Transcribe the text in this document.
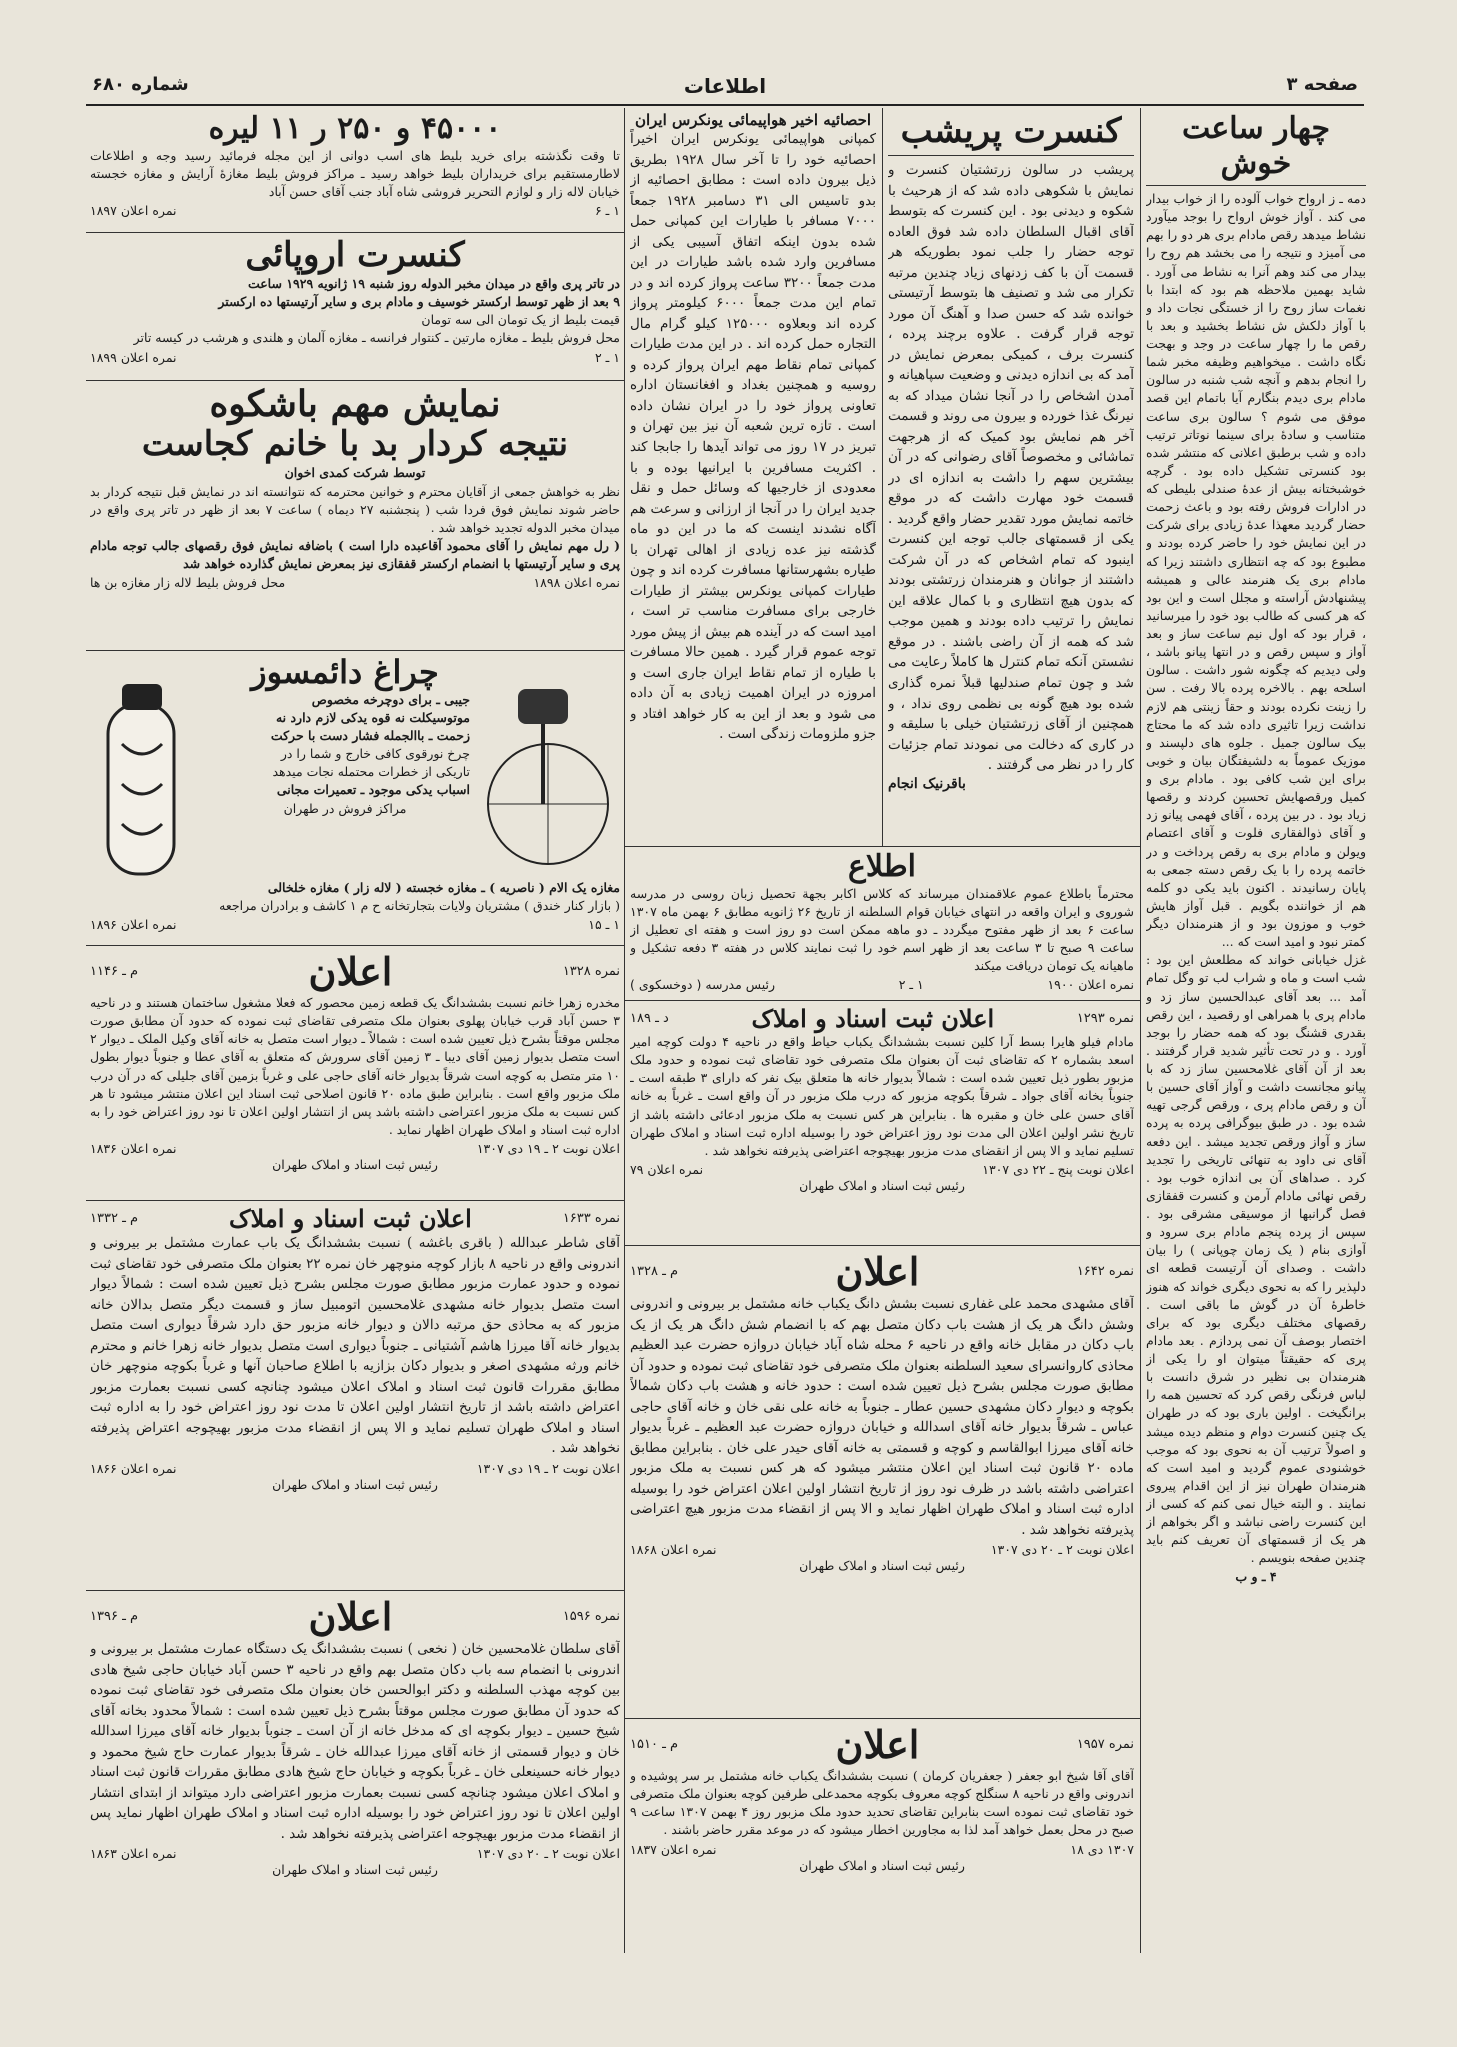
صفحه ۳
اطلاعات
شماره ۶۸۰
چهار ساعت خوش
دمه ـ ز ارواح خواب آلوده را از خواب بیدار می کند . آواز خوش ارواح را بوجد میآورد نشاط میدهد رقص مادام بری هر دو را بهم می آمیزد و نتیجه را می بخشد هم روح را بیدار می کند وهم آنرا به نشاط می آورد . شاید بهمین ملاحظه هم بود که ابتدا با نغمات ساز روح را از خستگی نجات داد و با آواز دلکش ش نشاط بخشید و بعد با رقص ما را چهار ساعت در وجد و بهجت نگاه داشت . میخواهیم وظیفه مخبر شما را انجام بدهم و آنچه شب شنبه در سالون مادام بری دیدم بنگارم آیا باتمام این قصد موفق می شوم ؟ سالون بری ساعت متناسب و سادهٔ برای سینما نوتاتر ترتیب داده و شب برطبق اعلانی که منتشر شده بود کنسرتی تشکیل داده بود . گرچه خوشبختانه بیش از عدهٔ صندلی بلیطی که در ادارات فروش رفته بود و باعث زحمت حضار گردید معهذا عدهٔ زیادی برای شرکت در این نمایش خود را حاضر کرده بودند و مطبوع بود که چه انتظاری داشتند زیرا که مادام بری یک هنرمند عالی و همیشه پیشنهادش آراسته و مجلل است و این بود که هر کسی که طالب بود خود را میرسانید ، قرار بود که اول نیم ساعت ساز و بعد آواز و سپس رقص و در انتها پیانو باشد ، ولی دیدیم که چگونه شور داشت . سالون اسلحه بهم . بالاخره پرده بالا رفت . سن را زینت نکرده بودند و حقاً زینتی هم لازم نداشت زیرا تاثیری داده شد که ما محتاج بیک سالون جمیل . جلوه های دلپسند و موزیک عموماً به دلشیفتگان بیان و خوبی برای این شب کافی بود . مادام بری و کمیل ورقصهایش تحسین کردند و رقصها زیاد بود . در بین پرده ، آقای فهمی پیانو زد و آقای ذوالفقاری فلوت و آقای اعتصام ویولن و مادام بری به رقص پرداخت و در خاتمه پرده را با یک رقص دسته جمعی به پایان رسانیدند . اکنون باید یکی دو کلمه هم از خواننده بگویم . قبل آواز هایش خوب و موزون بود و از هنرمندان دیگر کمتر نبود و امید است که ...
غزل خیابانی خواند که مطلعش این بود : شب است و ماه و شراب لب تو وگل تمام آمد ... بعد آقای عبدالحسین ساز زد و مادام پری با همراهی او رقصید ، این رقص بقدری قشنگ بود که همه حضار را بوجد آورد . و در تحت تأثیر شدید قرار گرفتند . بعد از آن آقای غلامحسین ساز زد که با پیانو مجانست داشت و آواز آقای حسین با آن و رقص مادام پری ، ورقص گرجی تهیه شده بود . در طبق بیوگرافی پرده به پرده ساز و آواز ورقص تجدید میشد . این دفعه آقای نی داود به تنهائی تاریخی را تجدید کرد . صداهای آن بی اندازه خوب بود . رقص نهائی مادام آرمن و کنسرت قفقازی فصل گرانبها از موسیقی مشرقی بود . سپس از پرده پنجم مادام بری سرود و آوازی بنام ( یک زمان چوپانی ) را بیان داشت . وصدای آن آرتیست قطعه ای دلپذیر را که به نحوی دیگری خواند که هنوز خاطرهٔ آن در گوش ما باقی است . رقصهای مختلف دیگری بود که برای اختصار بوصف آن نمی پردازم . بعد مادام پری که حقیقتاً میتوان او را یکی از هنرمندان بی نظیر در شرق دانست با لباس فرنگی رقص کرد که تحسین همه را برانگیخت . اولین باری بود که در طهران یک چنین کنسرت دوام و منظم دیده میشد و اصولاً ترتیب آن به نحوی بود که موجب خوشنودی عموم گردید و امید است که هنرمندان طهران نیز از این اقدام پیروی نمایند . و البته خیال نمی کنم که کسی از این کنسرت راضی نباشد و اگر بخواهم از هر یک از قسمتهای آن تعریف کنم باید چندین صفحه بنویسم .
۴ ـ و ب
کنسرت پریشب
پریشب در سالون زرتشتیان کنسرت و نمایش با شکوهی داده شد که از هرحیث با شکوه و دیدنی بود . این کنسرت که بتوسط آقای اقبال السلطان داده شد فوق العاده توجه حضار را جلب نمود بطوریکه هر قسمت آن با کف زدنهای زیاد چندین مرتبه تکرار می شد و تصنیف ها بتوسط آرتیستی خوانده شد که حسن صدا و آهنگ آن مورد توجه قرار گرفت . علاوه برچند پرده ، کنسرت برف ، کمیکی بمعرض نمایش در آمد که بی اندازه دیدنی و وضعیت سپاهیانه و آمدن اشخاص را در آنجا نشان میداد که به نیرنگ غذا خورده و بیرون می روند و قسمت آخر هم نمایش بود کمیک که از هرجهت تماشائی و مخصوصاً آقای رضوانی که در آن بیشترین سهم را داشت به اندازه ای در قسمت خود مهارت داشت که در موقع خاتمه نمایش مورد تقدیر حضار واقع گردید . یکی از قسمتهای جالب توجه این کنسرت اینبود که تمام اشخاص که در آن شرکت داشتند از جوانان و هنرمندان زرتشتی بودند که بدون هیچ انتظاری و با کمال علاقه این نمایش را ترتیب داده بودند و همین موجب شد که همه از آن راضی باشند . در موقع نشستن آنکه تمام کنترل ها کاملاً رعایت می شد و چون تمام صندلیها قبلاً نمره گذاری شده بود هیچ گونه بی نظمی روی نداد ، و همچنین از آقای زرتشتیان خیلی با سلیقه و در کاری که دخالت می نمودند تمام جزئیات کار را در نظر می گرفتند .
باقرنیک انجام
احصائیه اخیر هواپیمائی یونکرس ایران
کمپانی هواپیمائی یونکرس ایران اخیراً احصائیه خود را تا آخر سال ۱۹۲۸ بطریق ذیل بیرون داده است : مطابق احصائیه از بدو تاسیس الی ۳۱ دسامبر ۱۹۲۸ جمعاً ۷۰۰۰ مسافر با طیارات این کمپانی حمل شده بدون اینکه اتفاق آسیبی یکی از مسافرین وارد شده باشد طیارات در این مدت جمعاً ۳۲۰۰ ساعت پرواز کرده اند و در تمام این مدت جمعاً ۶۰۰۰ کیلومتر پرواز کرده اند وبعلاوه ۱۲۵۰۰۰ کیلو گرام مال التجاره حمل کرده اند . در این مدت طیارات کمپانی تمام نقاط مهم ایران پرواز کرده و روسیه و همچنین بغداد و افغانستان اداره تعاونی پرواز خود را در ایران نشان داده است . تازه ترین شعبه آن نیز بین تهران و تبریز در ۱۷ روز می تواند آیدها را جابجا کند . اکثریت مسافرین با ایرانیها بوده و با معدودی از خارجیها که وسائل حمل و نقل جدید ایران را در آنجا از ارزانی و سرعت هم آگاه نشدند اینست که ما در این دو ماه گذشته نیز عده زیادی از اهالی تهران با طیاره بشهرستانها مسافرت کرده اند و چون طیارات کمپانی یونکرس بیشتر از طیارات خارجی برای مسافرت مناسب تر است ، امید است که در آینده هم بیش از پیش مورد توجه عموم قرار گیرد . همین حالا مسافرت با طیاره از تمام نقاط ایران جاری است و امروزه در ایران اهمیت زیادی به آن داده می شود و بعد از این به کار خواهد افتاد و جزو ملزومات زندگی است .
اطلاع
محترماً باطلاع عموم علاقمندان میرساند که کلاس اکابر بجهة تحصیل زبان روسی در مدرسه شوروی و ایران واقعه در انتهای خیابان قوام السلطنه از تاریخ ۲۶ ژانویه مطابق ۶ بهمن ماه ۱۳۰۷ ساعت ۶ بعد از ظهر مفتوح میگردد ـ دو ماهه ممکن است دو روز است و هفته ای تعطیل از ساعت ۹ صبح تا ۳ ساعت بعد از ظهر اسم خود را ثبت نمایند کلاس در هفته ۳ دفعه تشکیل و ماهیانه یک تومان دریافت میکند
نمره اعلان ۱۹۰۰
۱ ـ ۲
رئیس مدرسه ( دوخسکوی )
نمره ۱۲۹۳
اعلان ثبت اسناد و املاک
د ـ ۱۸۹
مادام فیلو هایرا بسط آرا کلین نسبت بششدانگ یکباب حیاط واقع در ناحیه ۴ دولت کوچه امیر اسعد بشماره ۲ که تقاضای ثبت آن بعنوان ملک متصرفی خود تقاضای ثبت نموده و حدود ملک مزبور بطور ذیل تعیین شده است : شمالاً بدیوار خانه ها متعلق بیک نفر که دارای ۳ طبقه است ـ جنوباً بخانه آقای جواد ـ شرقاً بکوچه مزبور که درب ملک مزبور در آن واقع است ـ غرباً به خانه آقای حسن علی خان و مقبره ها . بنابراین هر کس نسبت به ملک مزبور ادعائی داشته باشد از تاریخ نشر اولین اعلان الی مدت نود روز اعتراض خود را بوسیله اداره ثبت اسناد و املاک طهران تسلیم نماید و الا پس از انقضای مدت مزبور بهیچوجه اعتراضی پذیرفته نخواهد شد .
اعلان نوبت پنج ـ ۲۲ دی ۱۳۰۷
نمره اعلان ۷۹
رئیس ثبت اسناد و املاک طهران
نمره ۱۶۴۲
اعلان
م ـ ۱۳۲۸
آقای مشهدی محمد علی غفاری نسبت بشش دانگ یکباب خانه مشتمل بر بیرونی و اندرونی وشش دانگ هر یک از هشت باب دکان متصل بهم که با انضمام شش دانگ هر یک از یک باب دکان در مقابل خانه واقع در ناحیه ۶ محله شاه آباد خیابان دروازه حضرت عبد العظیم محاذی کاروانسرای سعید السلطنه بعنوان ملک متصرفی خود تقاضای ثبت نموده و حدود آن مطابق صورت مجلس بشرح ذیل تعیین شده است : حدود خانه و هشت باب دکان شمالاً بکوچه و دیوار دکان مشهدی حسین عطار ـ جنوباً به خانه علی نقی خان و خانه آقای حاجی عباس ـ شرقاً بدیوار خانه آقای اسدالله و خیابان دروازه حضرت عبد العظیم ـ غرباً بدیوار خانه آقای میرزا ابوالقاسم و کوچه و قسمتی به خانه آقای حیدر علی خان . بنابراین مطابق ماده ۲۰ قانون ثبت اسناد این اعلان منتشر میشود که هر کس نسبت به ملک مزبور اعتراضی داشته باشد در ظرف نود روز از تاریخ انتشار اولین اعلان اعتراض خود را بوسیله اداره ثبت اسناد و املاک طهران اظهار نماید و الا پس از انقضاء مدت مزبور هیچ اعتراضی پذیرفته نخواهد شد .
اعلان نوبت ۲ ـ ۲۰ دی ۱۳۰۷
نمره اعلان ۱۸۶۸
رئیس ثبت اسناد و املاک طهران
نمره ۱۹۵۷
اعلان
م ـ ۱۵۱۰
آقای آقا شیخ ابو جعفر ( جعفریان کرمان ) نسبت بششدانگ یکباب خانه مشتمل بر سر پوشیده و اندرونی واقع در ناحیه ۸ سنگلج کوچه معروف بکوچه محمدعلی طرفین کوچه بعنوان ملک متصرفی خود تقاضای ثبت نموده است بنابراین تقاضای تحدید حدود ملک مزبور روز ۴ بهمن ۱۳۰۷ ساعت ۹ صبح در محل بعمل خواهد آمد لذا به مجاورین اخطار میشود که در موعد مقرر حاضر باشند .
۱۳۰۷ دی ۱۸
نمره اعلان ۱۸۳۷
رئیس ثبت اسناد و املاک طهران
۴۵۰۰۰ و ۲۵۰ ر ۱۱ لیره
تا وقت نگذشته برای خرید بلیط های اسب دوانی از این مجله فرمائید رسید وجه و اطلاعات لاطارمستقیم برای خریداران بلیط خواهد رسید ـ مراکز فروش بلیط مغازهٔ آرایش و مغازه خجسته خیابان لاله زار و لوازم التحریر فروشی شاه آباد جنب آقای حسن آباد
۱ ـ ۶
نمره اعلان ۱۸۹۷
کنسرت اروپائی
در تاتر پری واقع در میدان مخبر الدوله روز شنبه ۱۹ ژانویه ۱۹۲۹ ساعت
۹ بعد از ظهر توسط ارکستر خوسیف و مادام بری و سایر آرتیستها ده ارکستر
قیمت بلیط از یک تومان الی سه تومان
محل فروش بلیط ـ مغازه مارتین ـ کنتوار فرانسه ـ مغازه آلمان و هلندی و هرشب در کیسه تاتر
۱ ـ ۲
نمره اعلان ۱۸۹۹
نمایش مهم باشکوه
نتیجه کردار بد با خانم کجاست
توسط شرکت کمدی اخوان
نظر به خواهش جمعی از آقایان محترم و خوانین محترمه که نتوانسته اند در نمایش قبل نتیجه کردار بد حاضر شوند نمایش فوق فردا شب ( پنجشنبه ۲۷ دیماه ) ساعت ۷ بعد از ظهر در تاتر پری واقع در میدان مخبر الدوله تجدید خواهد شد .
( رل مهم نمایش را آقای محمود آقاعبده دارا است ) باضافه نمایش فوق رقصهای جالب توجه مادام پری و سایر آرتیستها با انضمام ارکستر قفقازی نیز بمعرض نمایش گذارده خواهد شد
نمره اعلان ۱۸۹۸
محل فروش بلیط لاله زار مغازه بن ها
چراغ دائمسوز
جیبی ـ برای دوچرخه مخصوص
موتوسیکلت نه قوه یدکی لازم دارد نه
زحمت ـ باالجمله فشار دست با حرکت
چرخ نورقوی کافی خارج و شما را در
تاریکی از خطرات محتمله نجات میدهد
اسباب یدکی موجود ـ تعمیرات مجانی
مراکز فروش در طهران
مغازه یک الام ( ناصریه ) ـ مغازه خجسته ( لاله زار ) مغازه خلخالی
( بازار کنار خندق ) مشتریان ولایات بتجارتخانه ح م ۱ کاشف و برادران مراجعه
۱ ـ ۱۵
نمره اعلان ۱۸۹۶
نمره ۱۳۲۸
اعلان
م ـ ۱۱۴۶
مخدره زهرا خانم نسبت بششدانگ یک قطعه زمین محصور که فعلا مشغول ساختمان هستند و در ناحیه ۳ حسن آباد قرب خیابان پهلوی بعنوان ملک متصرفی تقاضای ثبت نموده که حدود آن مطابق صورت مجلس موقتاً بشرح ذیل تعیین شده است : شمالاً ـ دیوار است متصل به خانه آقای وکیل الملک ـ دیوار ۲ است متصل بدیوار زمین آقای دیبا ـ ۳ زمین آقای سرورش که متعلق به آقای عطا و جنوباً دیوار بطول ۱۰ متر متصل به کوچه است شرقاً بدیوار خانه آقای حاجی علی و غرباً بزمین آقای جلیلی که در آن درب ملک مزبور واقع است . بنابراین طبق ماده ۲۰ قانون اصلاحی ثبت اسناد این اعلان منتشر میشود تا هر کس نسبت به ملک مزبور اعتراضی داشته باشد پس از انتشار اولین اعلان تا نود روز اعتراض خود را به اداره ثبت اسناد و املاک طهران اظهار نماید .
اعلان نوبت ۲ ـ ۱۹ دی ۱۳۰۷
نمره اعلان ۱۸۳۶
رئیس ثبت اسناد و املاک طهران
نمره ۱۶۳۳
اعلان ثبت اسناد و املاک
م ـ ۱۳۳۲
آقای شاطر عبدالله ( باقری باغشه ) نسبت بششدانگ یک باب عمارت مشتمل بر بیرونی و اندرونی واقع در ناحیه ۸ بازار کوچه منوچهر خان نمره ۲۲ بعنوان ملک متصرفی خود تقاضای ثبت نموده و حدود عمارت مزبور مطابق صورت مجلس بشرح ذیل تعیین شده است : شمالاً دیوار است متصل بدیوار خانه مشهدی غلامحسین اتومبیل ساز و قسمت دیگر متصل بدالان خانه مزبور که به محاذی حق مرتبه دالان و دیوار خانه مزبور حق دارد شرقاً دیواری است متصل بدیوار خانه آقا میرزا هاشم آشتیانی ـ جنوباً دیواری است متصل بدیوار خانه زهرا خانم و محترم خانم ورثه مشهدی اصغر و بدیوار دکان بزازیه با اطلاع صاحبان آنها و غرباً بکوچه منوچهر خان مطابق مقررات قانون ثبت اسناد و املاک اعلان میشود چنانچه کسی نسبت بعمارت مزبور اعتراض داشته باشد از تاریخ انتشار اولین اعلان تا مدت نود روز اعتراض خود را به اداره ثبت اسناد و املاک طهران تسلیم نماید و الا پس از انقضاء مدت مزبور بهیچوجه اعتراض پذیرفته نخواهد شد .
اعلان نوبت ۲ ـ ۱۹ دی ۱۳۰۷
نمره اعلان ۱۸۶۶
رئیس ثبت اسناد و املاک طهران
نمره ۱۵۹۶
اعلان
م ـ ۱۳۹۶
آقای سلطان غلامحسین خان ( نخعی ) نسبت بششدانگ یک دستگاه عمارت مشتمل بر بیرونی و اندرونی با انضمام سه باب دکان متصل بهم واقع در ناحیه ۳ حسن آباد خیابان حاجی شیخ هادی بین کوچه مهذب السلطنه و دکتر ابوالحسن خان بعنوان ملک متصرفی خود تقاضای ثبت نموده که حدود آن مطابق صورت مجلس موقتاً بشرح ذیل تعیین شده است : شمالاً محدود بخانه آقای شیخ حسین ـ دیوار بکوچه ای که مدخل خانه از آن است ـ جنوباً بدیوار خانه آقای میرزا اسدالله خان و دیوار قسمتی از خانه آقای میرزا عبدالله خان ـ شرقاً بدیوار عمارت حاج شیخ محمود و دیوار خانه حسینعلی خان ـ غرباً بکوچه و خیابان حاج شیخ هادی مطابق مقررات قانون ثبت اسناد و املاک اعلان میشود چنانچه کسی نسبت بعمارت مزبور اعتراضی دارد میتواند از ابتدای انتشار اولین اعلان تا نود روز اعتراض خود را بوسیله اداره ثبت اسناد و املاک طهران اظهار نماید پس از انقضاء مدت مزبور بهیچوجه اعتراضی پذیرفته نخواهد شد .
اعلان نوبت ۲ ـ ۲۰ دی ۱۳۰۷
نمره اعلان ۱۸۶۳
رئیس ثبت اسناد و املاک طهران
